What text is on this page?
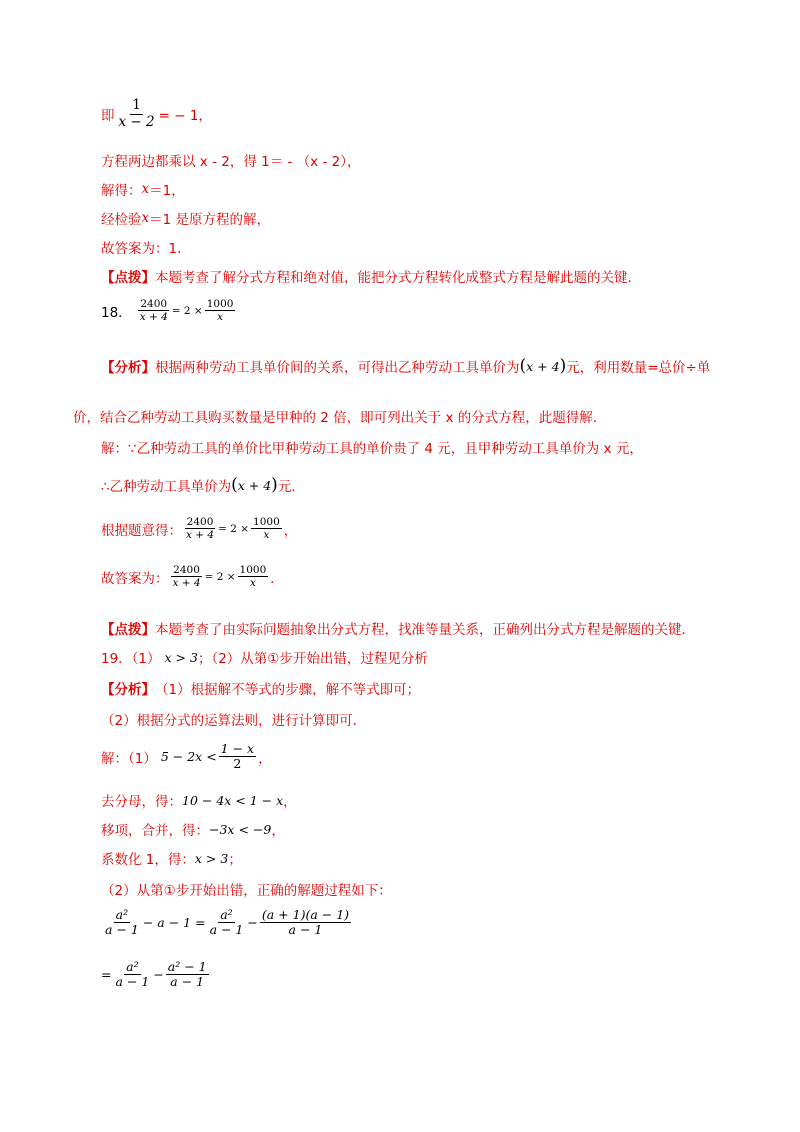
即 $\frac{1}{x - 2}$ = − 1，
方程两边都乘以 x - 2，得 1＝ - （x - 2），
解得： x ＝1，
经检验 x ＝1 是原方程的解，
故答案为：1．
【点拨】 本题考查了解分式方程和绝对值，能把分式方程转化成整式方程是解此题的关键．
18． $\frac{2400}{x + 4} = 2 \times \frac{1000}{x}$
【分析】 根据两种劳动工具单价间的关系，可得出乙种劳动工具单价为 ( x + 4 ) 元，利用数量=总价÷单
价，结合乙种劳动工具购买数量是甲种的 2 倍，即可列出关于 x 的分式方程，此题得解．
解：∵乙种劳动工具的单价比甲种劳动工具的单价贵了 4 元，且甲种劳动工具单价为 x 元，
∴乙种劳动工具单价为 ( x + 4 ) 元．
根据题意得： $\frac{2400}{x + 4} = 2 \times \frac{1000}{x}$ ，
故答案为： $\frac{2400}{x + 4} = 2 \times \frac{1000}{x}$ ．
【点拨】 本题考查了由实际问题抽象出分式方程，找准等量关系，正确列出分式方程是解题的关键．
19．（1） x > 3 ；（2）从第①步开始出错，过程见分析
【分析】 （1）根据解不等式的步骤，解不等式即可；
（2）根据分式的运算法则，进行计算即可．
解：（1） $5 - 2x < \frac{1 - x}{2}$ ，
去分母，得： 10 − 4x < 1 − x ，
移项，合并，得： −3x < −9 ，
系数化 1，得： x > 3 ；
（2）从第①步开始出错，正确的解题过程如下：
$\frac{\text{a²}}{a - 1} - a - 1 = \frac{\text{a²}}{a - 1} - \frac{(a + 1)(a - 1)}{a - 1}$
= $\frac{\text{a²}}{a - 1} - \frac{\text{a² − 1}}{a - 1}$
